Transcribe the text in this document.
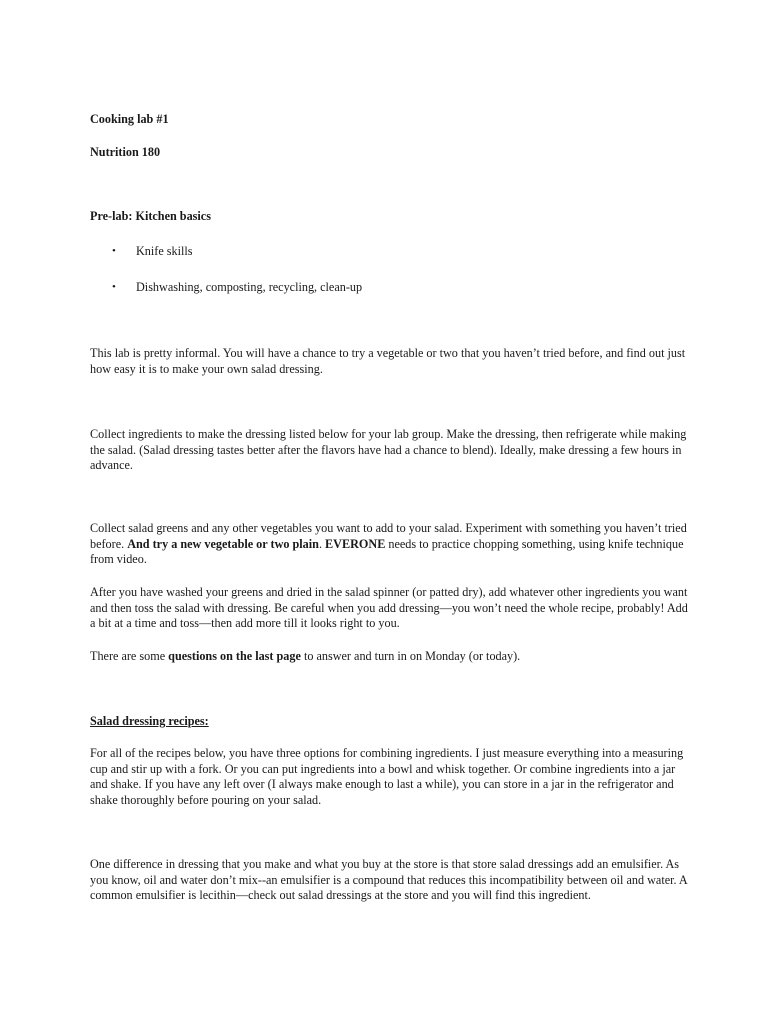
Cooking lab #1

Nutrition 180

Pre-lab: Kitchen basics

•	Knife skills
•	Dishwashing, composting, recycling, clean-up

This lab is pretty informal. You will have a chance to try a vegetable or two that you haven’t tried before, and find out just how easy it is to make your own salad dressing.

Collect ingredients to make the dressing listed below for your lab group. Make the dressing, then refrigerate while making the salad. (Salad dressing tastes better after the flavors have had a chance to blend). Ideally, make dressing a few hours in advance.

Collect salad greens and any other vegetables you want to add to your salad. Experiment with something you haven’t tried before. And try a new vegetable or two plain. EVERONE needs to practice chopping something, using knife technique from video.

After you have washed your greens and dried in the salad spinner (or patted dry), add whatever other ingredients you want and then toss the salad with dressing. Be careful when you add dressing—you won’t need the whole recipe, probably! Add a bit at a time and toss—then add more till it looks right to you.

There are some questions on the last page to answer and turn in on Monday (or today).

Salad dressing recipes:

For all of the recipes below, you have three options for combining ingredients. I just measure everything into a measuring cup and stir up with a fork. Or you can put ingredients into a bowl and whisk together. Or combine ingredients into a jar and shake. If you have any left over (I always make enough to last a while), you can store in a jar in the refrigerator and shake thoroughly before pouring on your salad.

One difference in dressing that you make and what you buy at the store is that store salad dressings add an emulsifier. As you know, oil and water don’t mix--an emulsifier is a compound that reduces this incompatibility between oil and water. A common emulsifier is lecithin—check out salad dressings at the store and you will find this ingredient.
